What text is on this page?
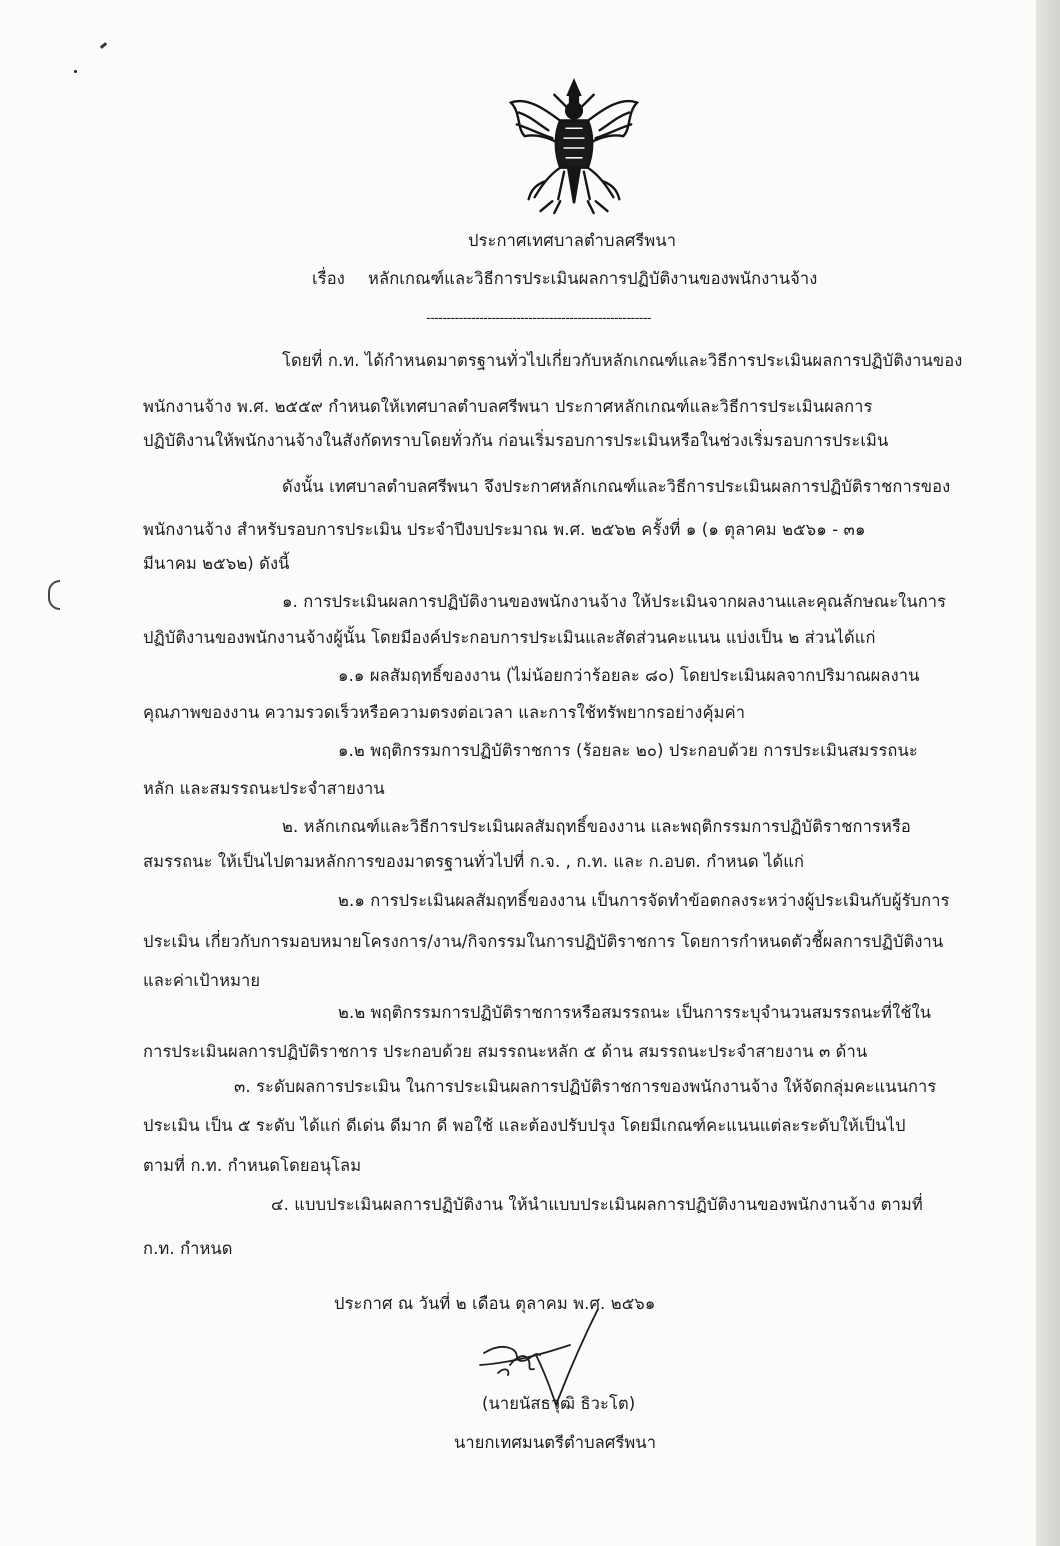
ประกาศเทศบาลตำบลศรีพนา
เรื่อง หลักเกณฑ์และวิธีการประเมินผลการปฏิบัติงานของพนักงานจ้าง
-------------------------------------------------------
โดยที่ ก.ท. ได้กำหนดมาตรฐานทั่วไปเกี่ยวกับหลักเกณฑ์และวิธีการประเมินผลการปฏิบัติงานของ
พนักงานจ้าง พ.ศ. ๒๕๕๙ กำหนดให้เทศบาลตำบลศรีพนา ประกาศหลักเกณฑ์และวิธีการประเมินผลการ
ปฏิบัติงานให้พนักงานจ้างในสังกัดทราบโดยทั่วกัน ก่อนเริ่มรอบการประเมินหรือในช่วงเริ่มรอบการประเมิน
ดังนั้น เทศบาลตำบลศรีพนา จึงประกาศหลักเกณฑ์และวิธีการประเมินผลการปฏิบัติราชการของ
พนักงานจ้าง สำหรับรอบการประเมิน ประจำปีงบประมาณ พ.ศ. ๒๕๖๒ ครั้งที่ ๑ (๑ ตุลาคม ๒๕๖๑ - ๓๑
มีนาคม ๒๕๖๒) ดังนี้
๑. การประเมินผลการปฏิบัติงานของพนักงานจ้าง ให้ประเมินจากผลงานและคุณลักษณะในการ
ปฏิบัติงานของพนักงานจ้างผู้นั้น โดยมีองค์ประกอบการประเมินและสัดส่วนคะแนน แบ่งเป็น ๒ ส่วนได้แก่
๑.๑ ผลสัมฤทธิ์ของงาน (ไม่น้อยกว่าร้อยละ ๘๐) โดยประเมินผลจากปริมาณผลงาน
คุณภาพของงาน ความรวดเร็วหรือความตรงต่อเวลา และการใช้ทรัพยากรอย่างคุ้มค่า
๑.๒ พฤติกรรมการปฏิบัติราชการ (ร้อยละ ๒๐) ประกอบด้วย การประเมินสมรรถนะ
หลัก และสมรรถนะประจำสายงาน
๒. หลักเกณฑ์และวิธีการประเมินผลสัมฤทธิ์ของงาน และพฤติกรรมการปฏิบัติราชการหรือ
สมรรถนะ ให้เป็นไปตามหลักการของมาตรฐานทั่วไปที่ ก.จ. , ก.ท. และ ก.อบต. กำหนด ได้แก่
๒.๑ การประเมินผลสัมฤทธิ์ของงาน เป็นการจัดทำข้อตกลงระหว่างผู้ประเมินกับผู้รับการ
ประเมิน เกี่ยวกับการมอบหมายโครงการ/งาน/กิจกรรมในการปฏิบัติราชการ โดยการกำหนดตัวชี้ผลการปฏิบัติงาน
และค่าเป้าหมาย
๒.๒ พฤติกรรมการปฏิบัติราชการหรือสมรรถนะ เป็นการระบุจำนวนสมรรถนะที่ใช้ใน
การประเมินผลการปฏิบัติราชการ ประกอบด้วย สมรรถนะหลัก ๕ ด้าน สมรรถนะประจำสายงาน ๓ ด้าน
๓. ระดับผลการประเมิน ในการประเมินผลการปฏิบัติราชการของพนักงานจ้าง ให้จัดกลุ่มคะแนนการ
ประเมิน เป็น ๕ ระดับ ได้แก่ ดีเด่น ดีมาก ดี พอใช้ และต้องปรับปรุง โดยมีเกณฑ์คะแนนแต่ละระดับให้เป็นไป
ตามที่ ก.ท. กำหนดโดยอนุโลม
๔. แบบประเมินผลการปฏิบัติงาน ให้นำแบบประเมินผลการปฏิบัติงานของพนักงานจ้าง ตามที่
ก.ท. กำหนด
ประกาศ ณ วันที่ ๒ เดือน ตุลาคม พ.ศ. ๒๕๖๑
(นายนัสธวุฒิ ธิวะโต)
นายกเทศมนตรีตำบลศรีพนา
